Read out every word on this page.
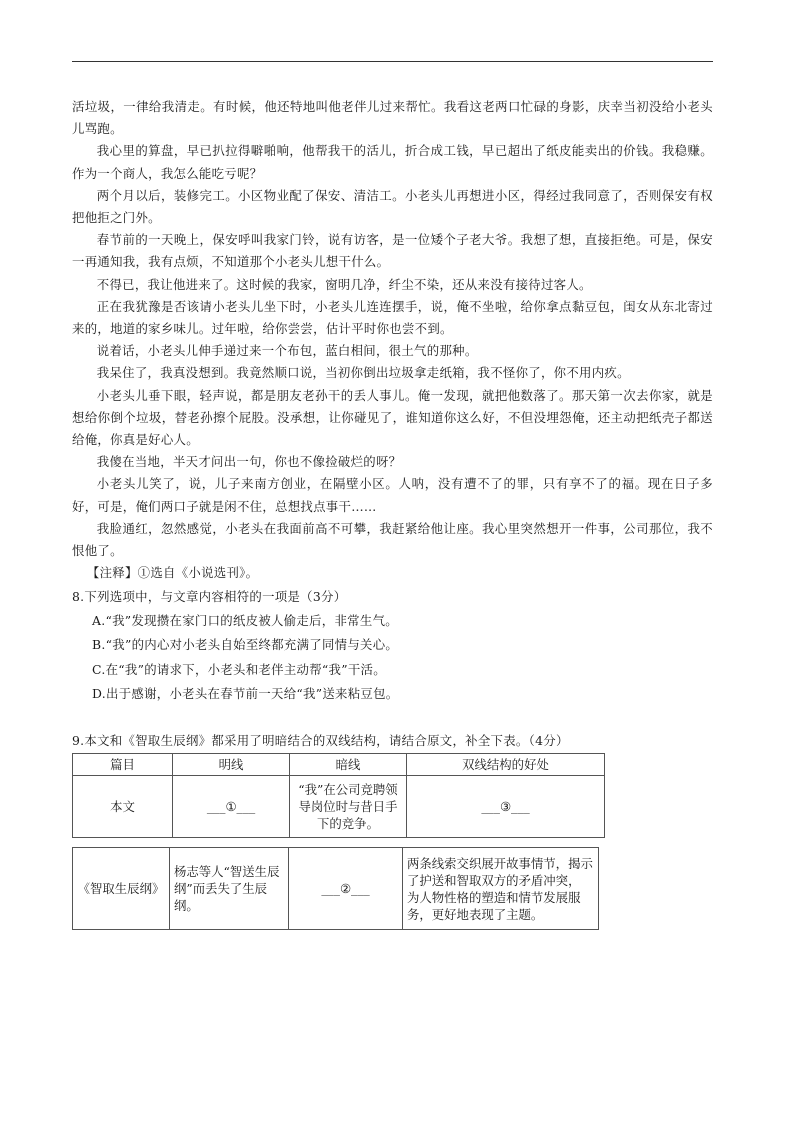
活垃圾，一律给我清走。有时候，他还特地叫他老伴儿过来帮忙。我看这老两口忙碌的身影，庆幸当初没给小老头儿骂跑。

我心里的算盘，早已扒拉得噼啪响，他帮我干的活儿，折合成工钱，早已超出了纸皮能卖出的价钱。我稳赚。作为一个商人，我怎么能吃亏呢？

两个月以后，装修完工。小区物业配了保安、清洁工。小老头儿再想进小区，得经过我同意了，否则保安有权把他拒之门外。

春节前的一天晚上，保安呼叫我家门铃，说有访客，是一位矮个子老大爷。我想了想，直接拒绝。可是，保安一再通知我，我有点烦，不知道那个小老头儿想干什么。

不得已，我让他进来了。这时候的我家，窗明几净，纤尘不染，还从来没有接待过客人。

正在我犹豫是否该请小老头儿坐下时，小老头儿连连摆手，说，俺不坐啦，给你拿点黏豆包，闺女从东北寄过来的，地道的家乡味儿。过年啦，给你尝尝，估计平时你也尝不到。

说着话，小老头儿伸手递过来一个布包，蓝白相间，很土气的那种。

我呆住了，我真没想到。我竟然顺口说，当初你倒出垃圾拿走纸箱，我不怪你了，你不用内疚。

小老头儿垂下眼，轻声说，都是朋友老孙干的丢人事儿。俺一发现，就把他数落了。那天第一次去你家，就是想给你倒个垃圾，替老孙擦个屁股。没承想，让你碰见了，谁知道你这么好，不但没埋怨俺，还主动把纸壳子都送给俺，你真是好心人。

我傻在当地，半天才问出一句，你也不像捡破烂的呀？

小老头儿笑了，说，儿子来南方创业，在隔壁小区。人呐，没有遭不了的罪，只有享不了的福。现在日子多好，可是，俺们两口子就是闲不住，总想找点事干……

我脸通红，忽然感觉，小老头在我面前高不可攀，我赶紧给他让座。我心里突然想开一件事，公司那位，我不恨他了。

【注释】①选自《小说选刊》。

8.下列选项中，与文章内容相符的一项是（3分）

A.“我”发现攒在家门口的纸皮被人偷走后，非常生气。

B.“我”的内心对小老头自始至终都充满了同情与关心。

C.在“我”的请求下，小老头和老伴主动帮“我”干活。

D.出于感谢，小老头在春节前一天给“我”送来粘豆包。

9.本文和《智取生辰纲》都采用了明暗结合的双线结构，请结合原文，补全下表。（4分）

篇目	明线	暗线	双线结构的好处
本文	___①___	“我”在公司竞聘领导岗位时与昔日手下的竞争。	___③___
《智取生辰纲》	杨志等人“智送生辰纲”而丢失了生辰纲。	___②___	两条线索交织展开故事情节，揭示了护送和智取双方的矛盾冲突， 为人物性格的塑造和情节发展服务，更好地表现了主题。
